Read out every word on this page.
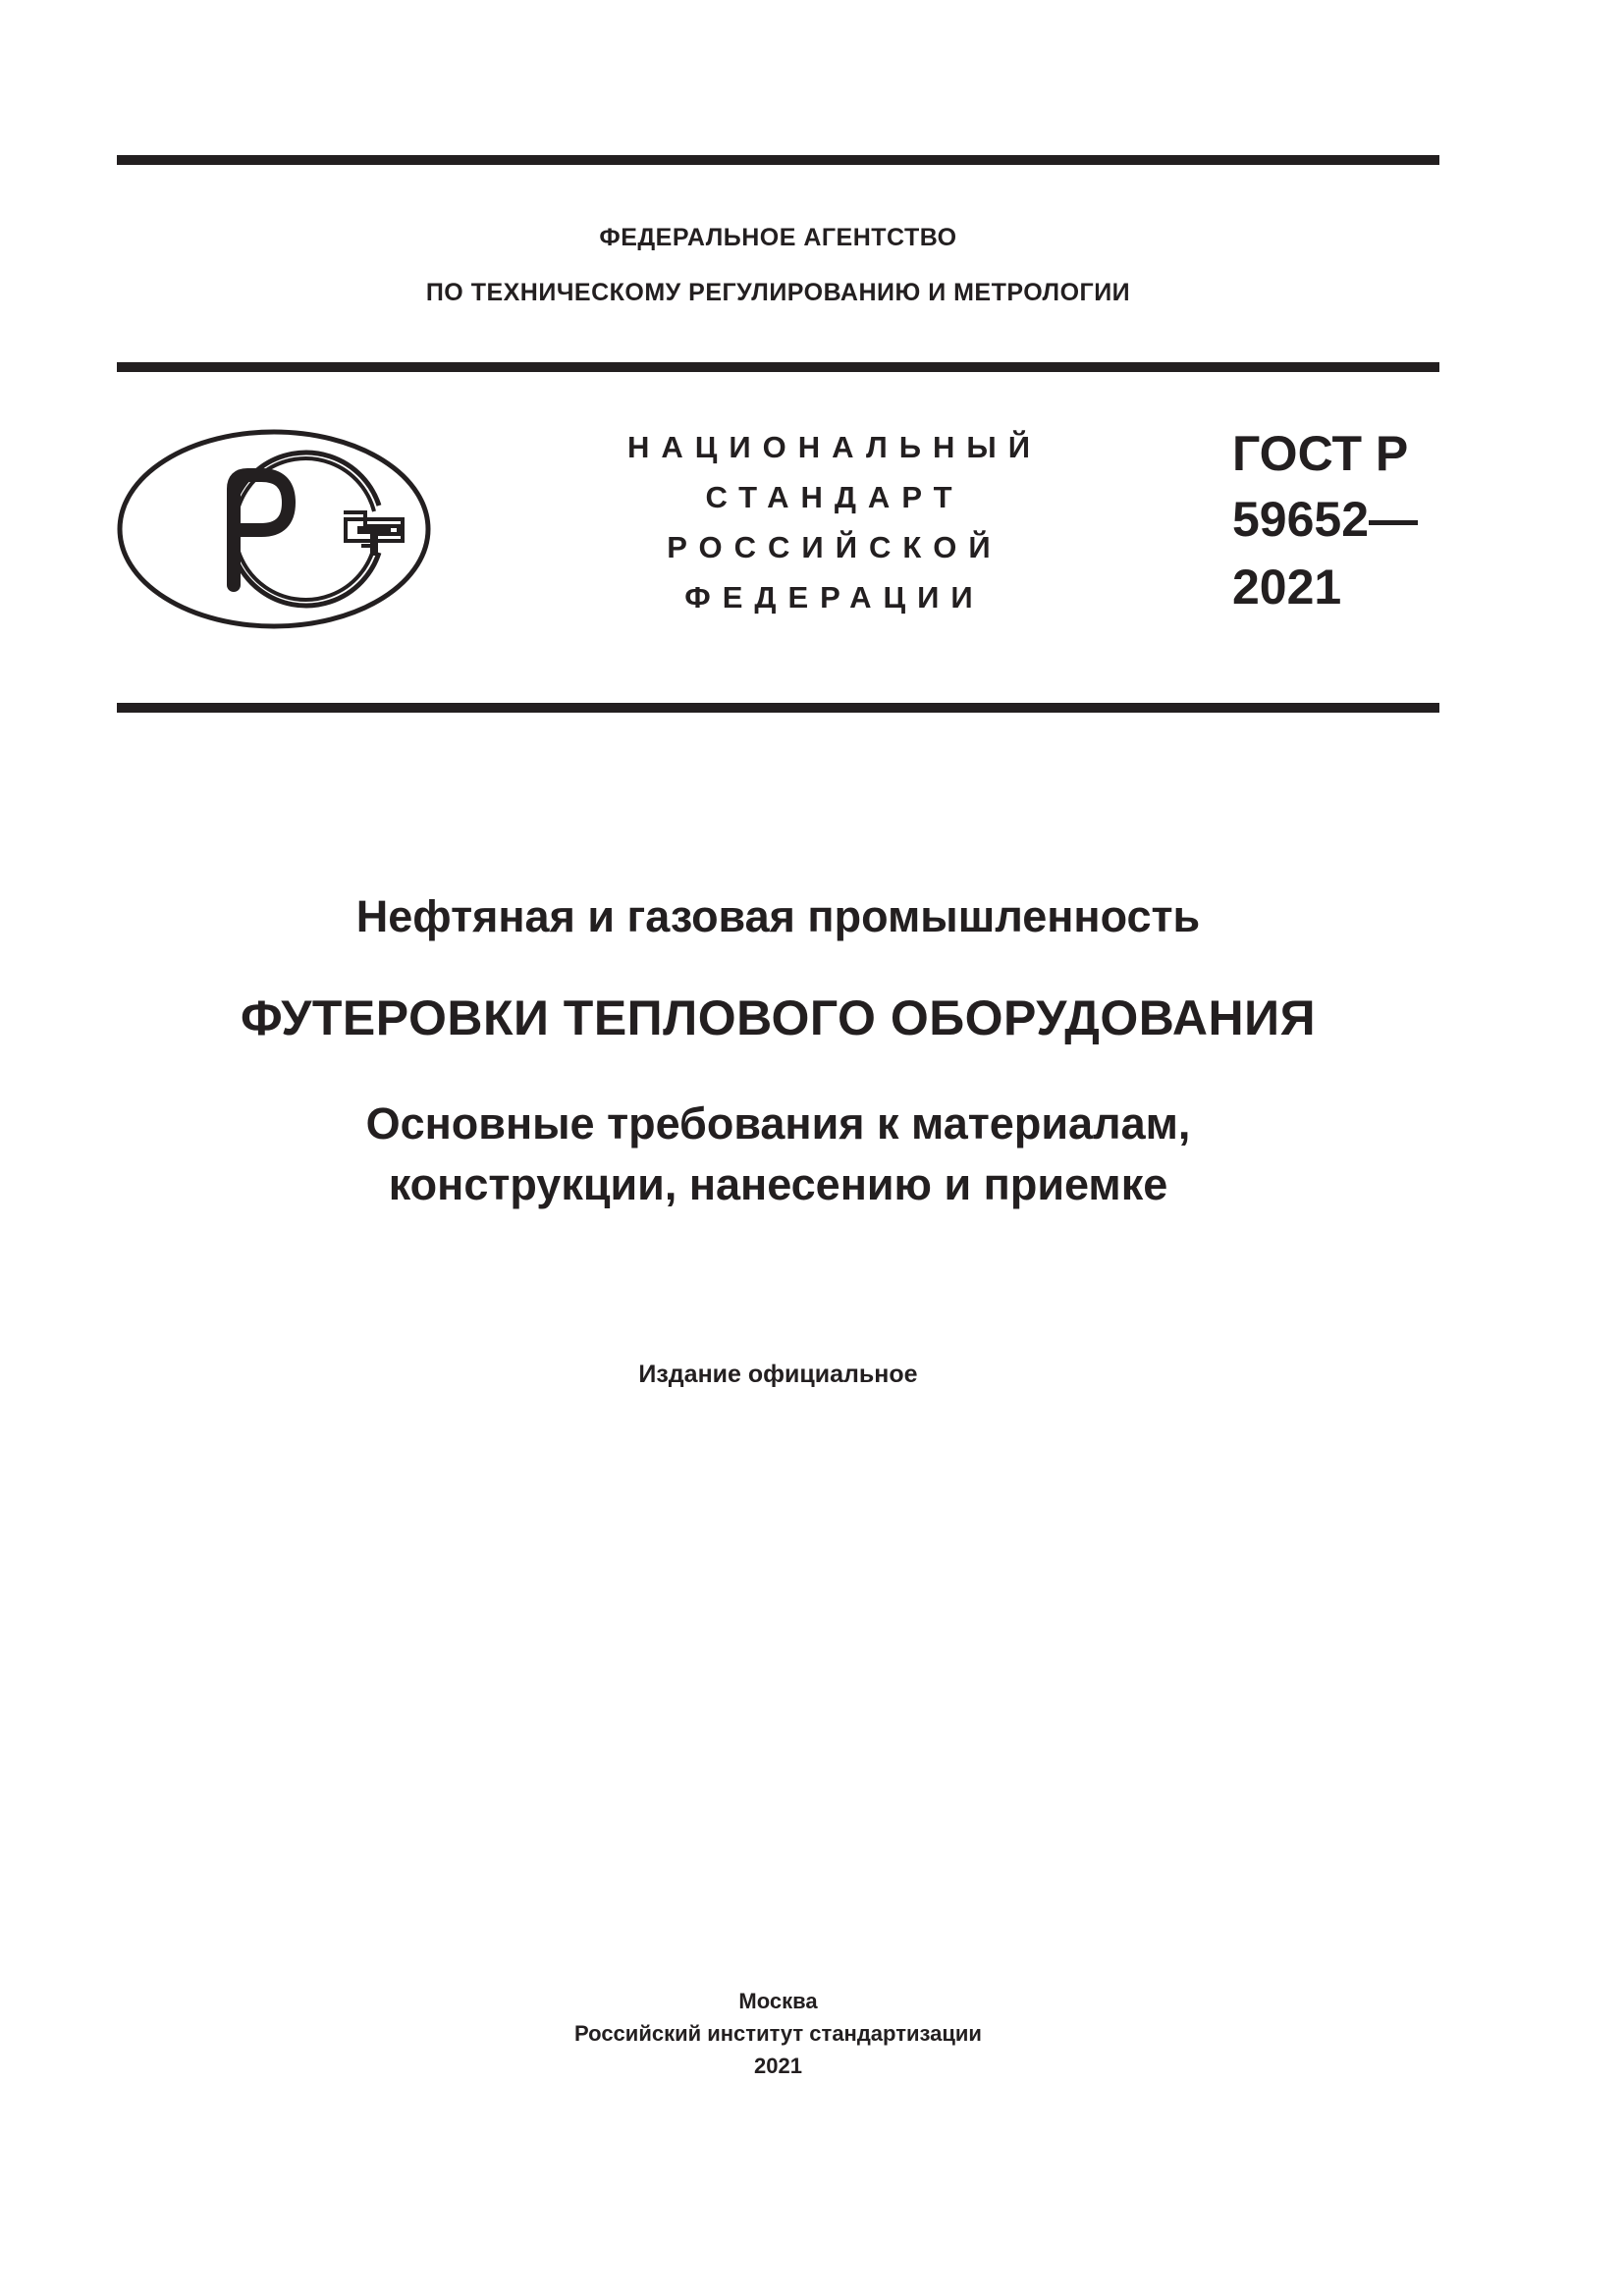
ФЕДЕРАЛЬНОЕ АГЕНТСТВО
ПО ТЕХНИЧЕСКОМУ РЕГУЛИРОВАНИЮ И МЕТРОЛОГИИ
НАЦИОНАЛЬНЫЙ
СТАНДАРТ
РОССИЙСКОЙ
ФЕДЕРАЦИИ
ГОСТ Р
59652—
2021
Нефтяная и газовая промышленность
ФУТЕРОВКИ ТЕПЛОВОГО ОБОРУДОВАНИЯ
Основные требования к материалам,
конструкции, нанесению и приемке
Издание официальное
Москва
Российский институт стандартизации
2021
